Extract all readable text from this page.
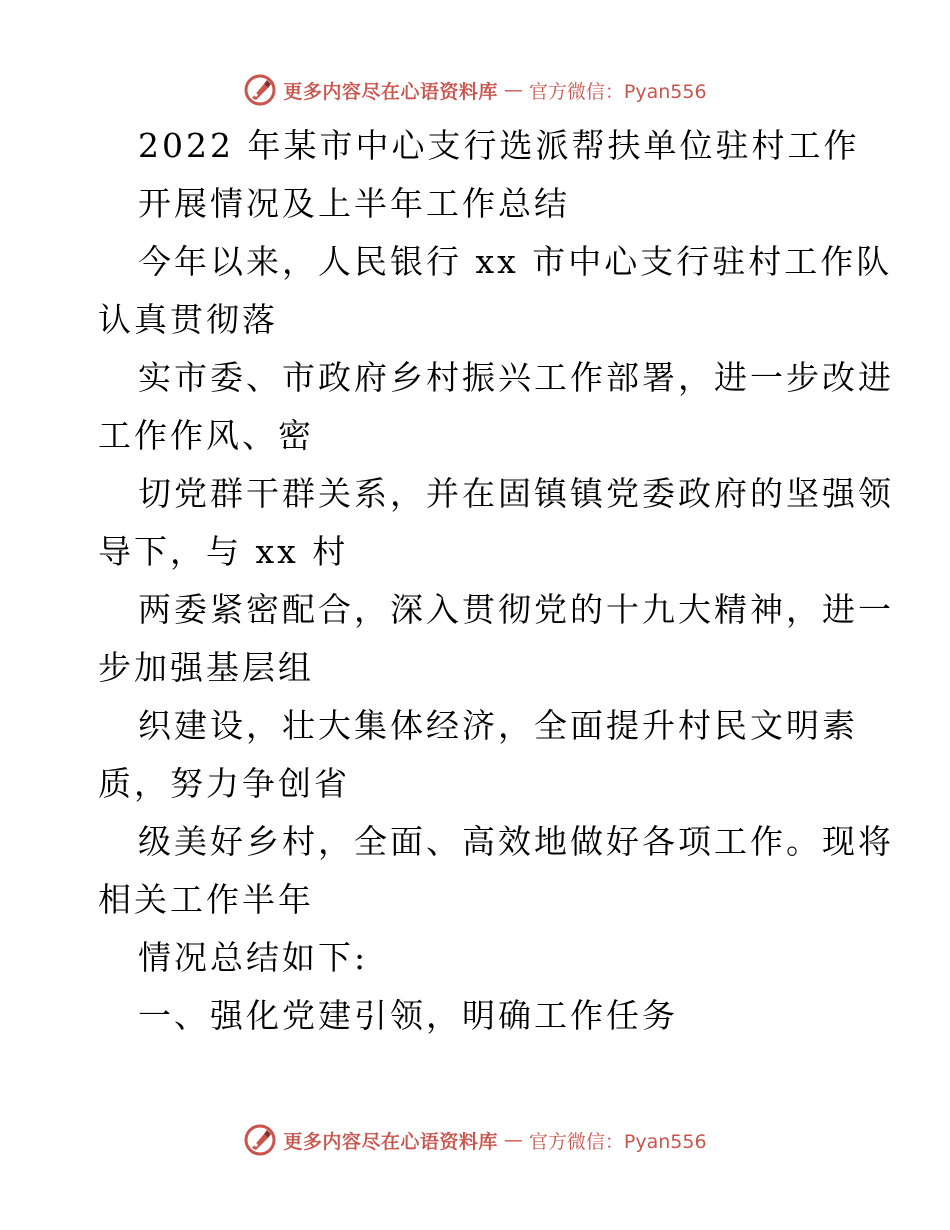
更多内容尽在心语资料库 — 官方微信：Pyan556
2022 年某市中心支行选派帮扶单位驻村工作
开展情况及上半年工作总结
今年以来，人民银行 xx 市中心支行驻村工作队
认真贯彻落
实市委、市政府乡村振兴工作部署，进一步改进
工作作风、密
切党群干群关系，并在固镇镇党委政府的坚强领
导下，与 xx 村
两委紧密配合，深入贯彻党的十九大精神，进一
步加强基层组
织建设，壮大集体经济，全面提升村民文明素
质，努力争创省
级美好乡村，全面、高效地做好各项工作。现将
相关工作半年
情况总结如下:
一、强化党建引领，明确工作任务
更多内容尽在心语资料库 — 官方微信：Pyan556
